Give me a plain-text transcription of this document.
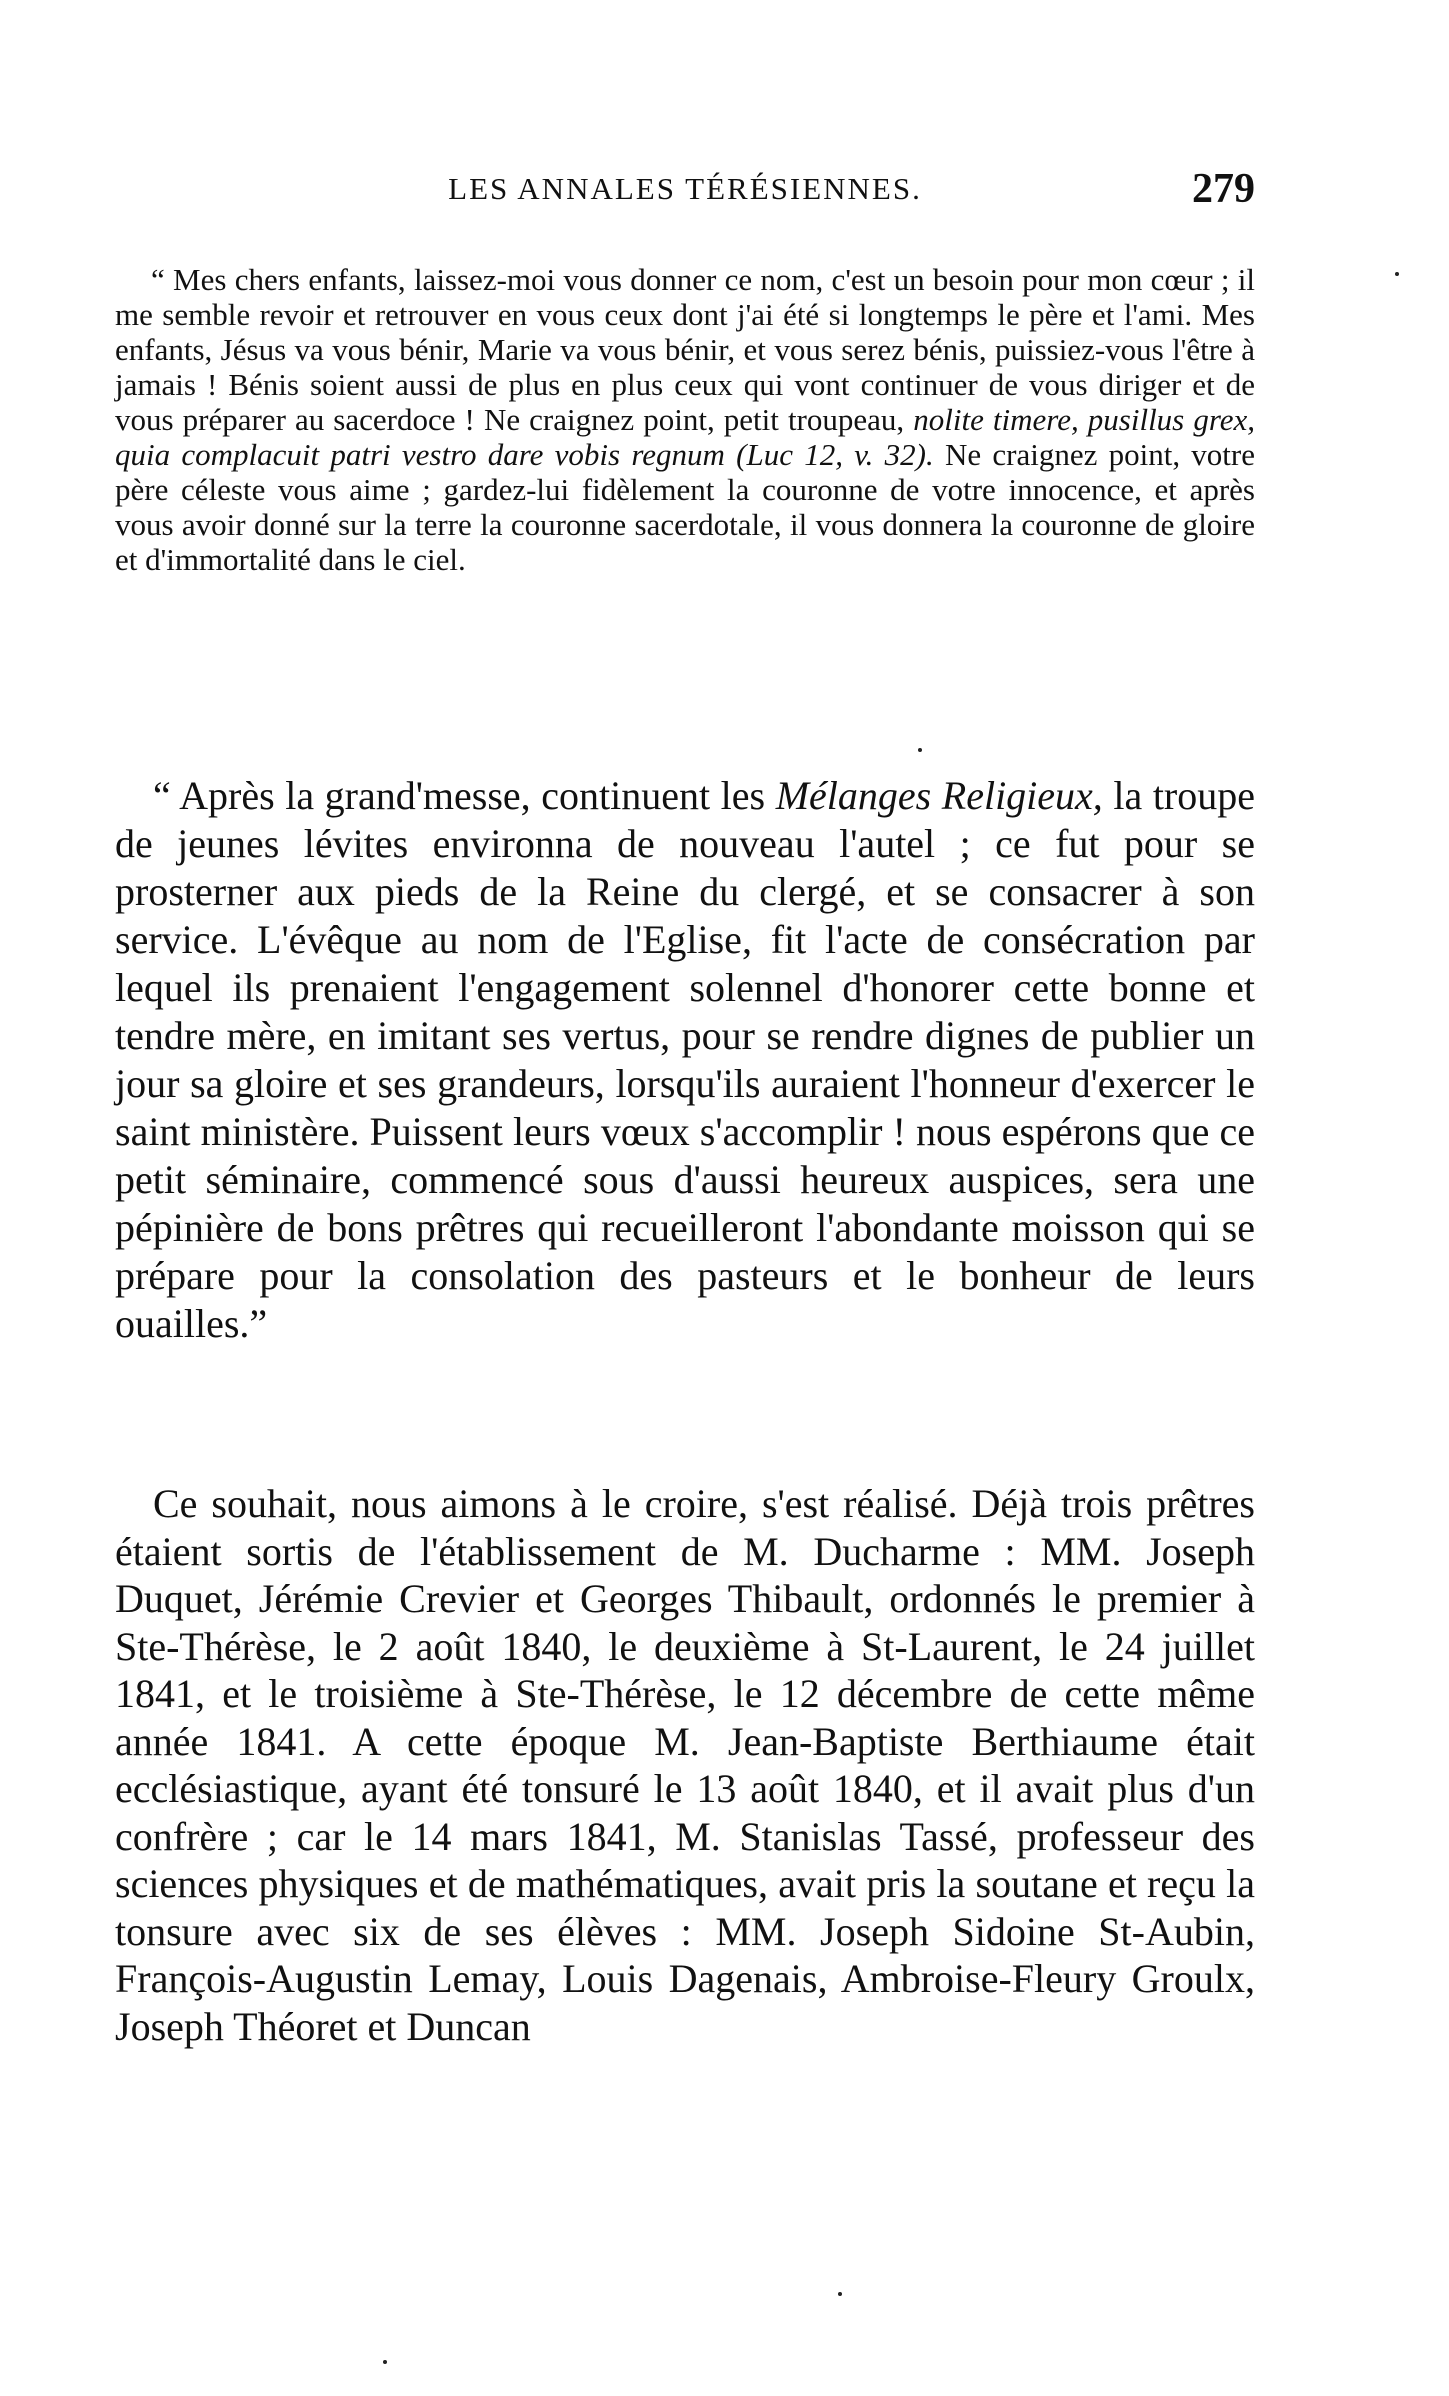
LES ANNALES TÉRÉSIENNES.	279

“ Mes chers enfants, laissez-moi vous donner ce nom, c'est un besoin pour mon cœur ; il me semble revoir et retrouver en vous ceux dont j'ai été si longtemps le père et l'ami. Mes enfants, Jésus va vous bénir, Marie va vous bénir, et vous serez bénis, puissiez-vous l'être à jamais ! Bénis soient aussi de plus en plus ceux qui vont continuer de vous diriger et de vous préparer au sacerdoce ! Ne craignez point, petit troupeau, nolite timere, pusillus grex, quia complacuit patri vestro dare vobis regnum (Luc 12, v. 32). Ne craignez point, votre père céleste vous aime ; gardez-lui fidèlement la couronne de votre innocence, et après vous avoir donné sur la terre la couronne sacerdotale, il vous donnera la couronne de gloire et d'immortalité dans le ciel.

“ Après la grand'messe, continuent les Mélanges Religieux, la troupe de jeunes lévites environna de nouveau l'autel ; ce fut pour se prosterner aux pieds de la Reine du clergé, et se consacrer à son service. L'évêque au nom de l'Eglise, fit l'acte de consécration par lequel ils prenaient l'engagement solennel d'honorer cette bonne et tendre mère, en imitant ses vertus, pour se rendre dignes de publier un jour sa gloire et ses grandeurs, lorsqu'ils auraient l'honneur d'exercer le saint ministère. Puissent leurs vœux s'accomplir ! nous espérons que ce petit séminaire, commencé sous d'aussi heureux auspices, sera une pépinière de bons prêtres qui recueilleront l'abondante moisson qui se prépare pour la consolation des pasteurs et le bonheur de leurs ouailles.”

Ce souhait, nous aimons à le croire, s'est réalisé. Déjà trois prêtres étaient sortis de l'établissement de M. Ducharme : MM. Joseph Duquet, Jérémie Crevier et Georges Thibault, ordonnés le premier à Ste-Thérèse, le 2 août 1840, le deuxième à St-Laurent, le 24 juillet 1841, et le troisième à Ste-Thérèse, le 12 décembre de cette même année 1841. A cette époque M. Jean-Baptiste Berthiaume était ecclésiastique, ayant été tonsuré le 13 août 1840, et il avait plus d'un confrère ; car le 14 mars 1841, M. Stanislas Tassé, professeur des sciences physiques et de mathématiques, avait pris la soutane et reçu la tonsure avec six de ses élèves : MM. Joseph Sidoine St-Aubin, François-Augustin Lemay, Louis Dagenais, Ambroise-Fleury Groulx, Joseph Théoret et Duncan
